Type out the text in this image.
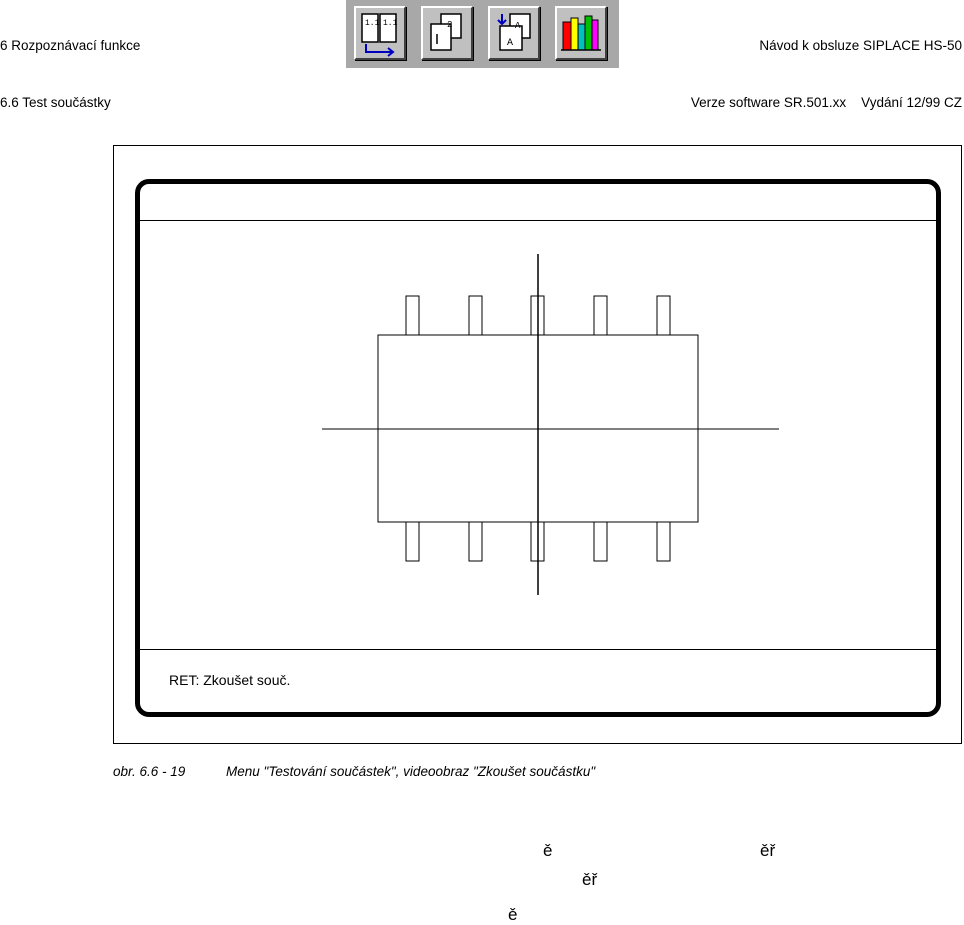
6 Rozpoznávací funkce

6.6 Test součástky

Návod k obsluze SIPLACE HS-50

Verze software SR.501.xx    Vydání 12/99 CZ

1.1 1.1	2
A
A
RET: Zkoušet souč.
obr. 6.6 - 19	Menu "Testování součástek", videoobraz "Zkoušet součástku"
ě	ěř
ěř
ě
